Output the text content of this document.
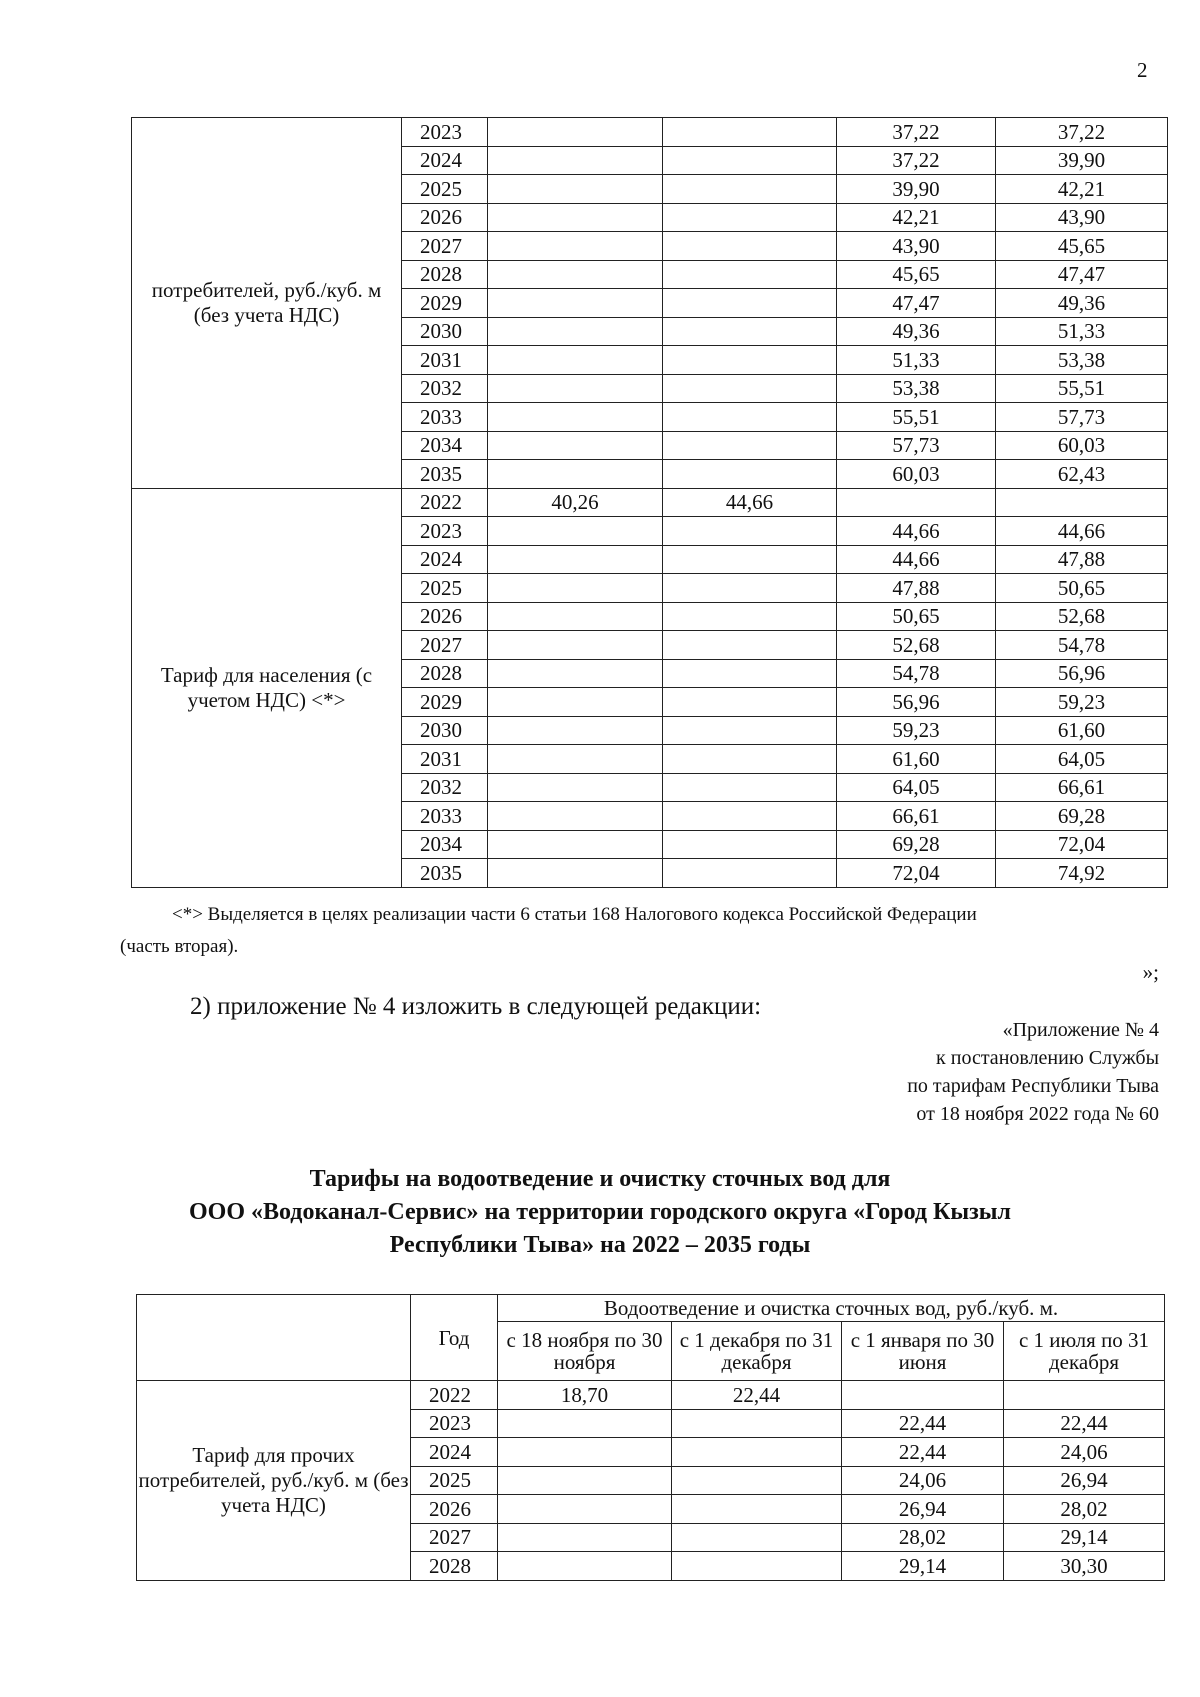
2
потребителей, руб./куб. м (без учета НДС)	2023			37,22	37,22
	2024			37,22	39,90
	2025			39,90	42,21
	2026			42,21	43,90
	2027			43,90	45,65
	2028			45,65	47,47
	2029			47,47	49,36
	2030			49,36	51,33
	2031			51,33	53,38
	2032			53,38	55,51
	2033			55,51	57,73
	2034			57,73	60,03
	2035			60,03	62,43
Тариф для населения (с учетом НДС) <*>	2022	40,26	44,66		
	2023			44,66	44,66
	2024			44,66	47,88
	2025			47,88	50,65
	2026			50,65	52,68
	2027			52,68	54,78
	2028			54,78	56,96
	2029			56,96	59,23
	2030			59,23	61,60
	2031			61,60	64,05
	2032			64,05	66,61
	2033			66,61	69,28
	2034			69,28	72,04
	2035			72,04	74,92
<*> Выделяется в целях реализации части 6 статьи 168 Налогового кодекса Российской Федерации
(часть вторая).
»;
2) приложение № 4 изложить в следующей редакции:
«Приложение № 4
к постановлению Службы
по тарифам Республики Тыва
от 18 ноября 2022 года № 60
Тарифы на водоотведение и очистку сточных вод для
ООО «Водоканал-Сервис» на территории городского округа «Город Кызыл
Республики Тыва» на 2022 – 2035 годы
	Год	Водоотведение и очистка сточных вод, руб./куб. м.			
		с 18 ноября по 30 ноября	с 1 декабря по 31 декабря	с 1 января по 30 июня	с 1 июля по 31 декабря
Тариф для прочих потребителей, руб./куб. м (без учета НДС)	2022	18,70	22,44		
	2023			22,44	22,44
	2024			22,44	24,06
	2025			24,06	26,94
	2026			26,94	28,02
	2027			28,02	29,14
	2028			29,14	30,30
